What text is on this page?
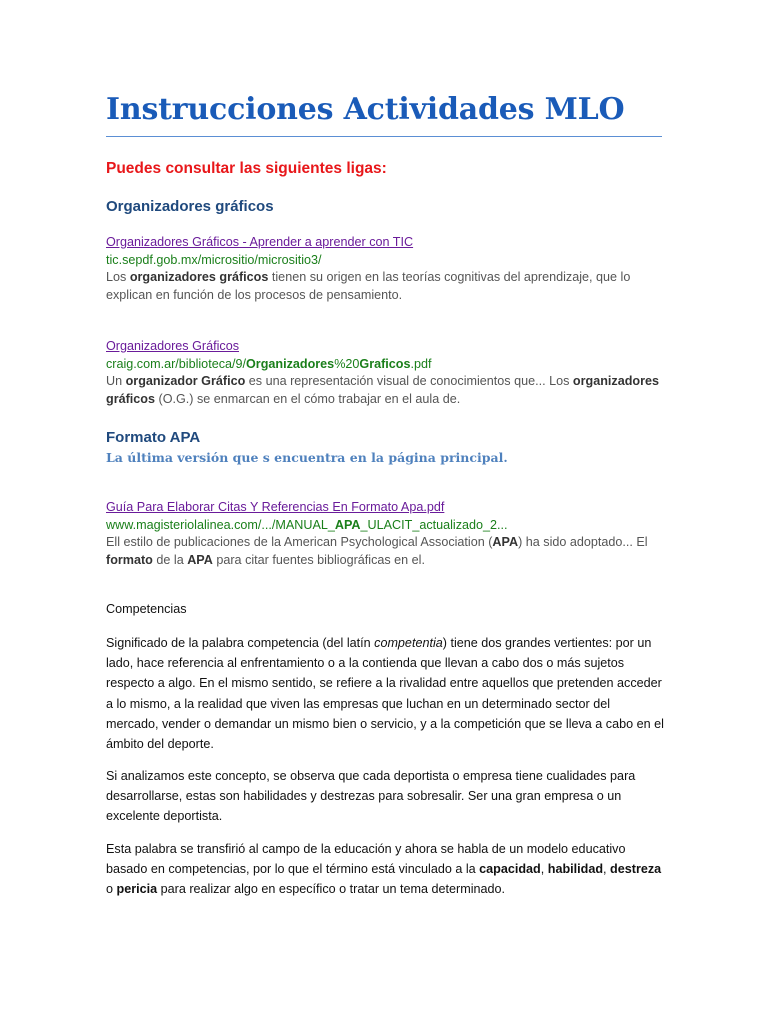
Instrucciones Actividades MLO
Puedes consultar las siguientes ligas:
Organizadores gráficos
Organizadores Gráficos - Aprender a aprender con TIC
tic.sepdf.gob.mx/micrositio/micrositio3/
Los organizadores gráficos tienen su origen en las teorías cognitivas del aprendizaje, que lo explican en función de los procesos de pensamiento.
Organizadores Gráficos
craig.com.ar/biblioteca/9/Organizadores%20Graficos.pdf
Un organizador Gráfico es una representación visual de conocimientos que... Los organizadores gráficos (O.G.) se enmarcan en el cómo trabajar en el aula de.
Formato APA
La última versión que s encuentra en la página principal.
Guía Para Elaborar Citas Y Referencias En Formato Apa.pdf
www.magisteriolalinea.com/.../MANUAL_APA_ULACIT_actualizado_2...
Ell estilo de publicaciones de la American Psychological Association (APA) ha sido adoptado... El formato de la APA para citar fuentes bibliográficas en el.
Competencias

Significado de la palabra competencia (del latín competentia) tiene dos grandes vertientes: por un lado, hace referencia al enfrentamiento o a la contienda que llevan a cabo dos o más sujetos respecto a algo. En el mismo sentido, se refiere a la rivalidad entre aquellos que pretenden acceder a lo mismo, a la realidad que viven las empresas que luchan en un determinado sector del mercado, vender o demandar un mismo bien o servicio, y a la competición que se lleva a cabo en el ámbito del deporte.

Si analizamos este concepto, se observa que cada deportista o empresa tiene cualidades para desarrollarse, estas son habilidades y destrezas para sobresalir. Ser una gran empresa o un excelente deportista.

Esta palabra se transfirió al campo de la educación y ahora se habla de un modelo educativo basado en competencias, por lo que el término está vinculado a la capacidad, habilidad, destreza o pericia para realizar algo en específico o tratar un tema determinado.
